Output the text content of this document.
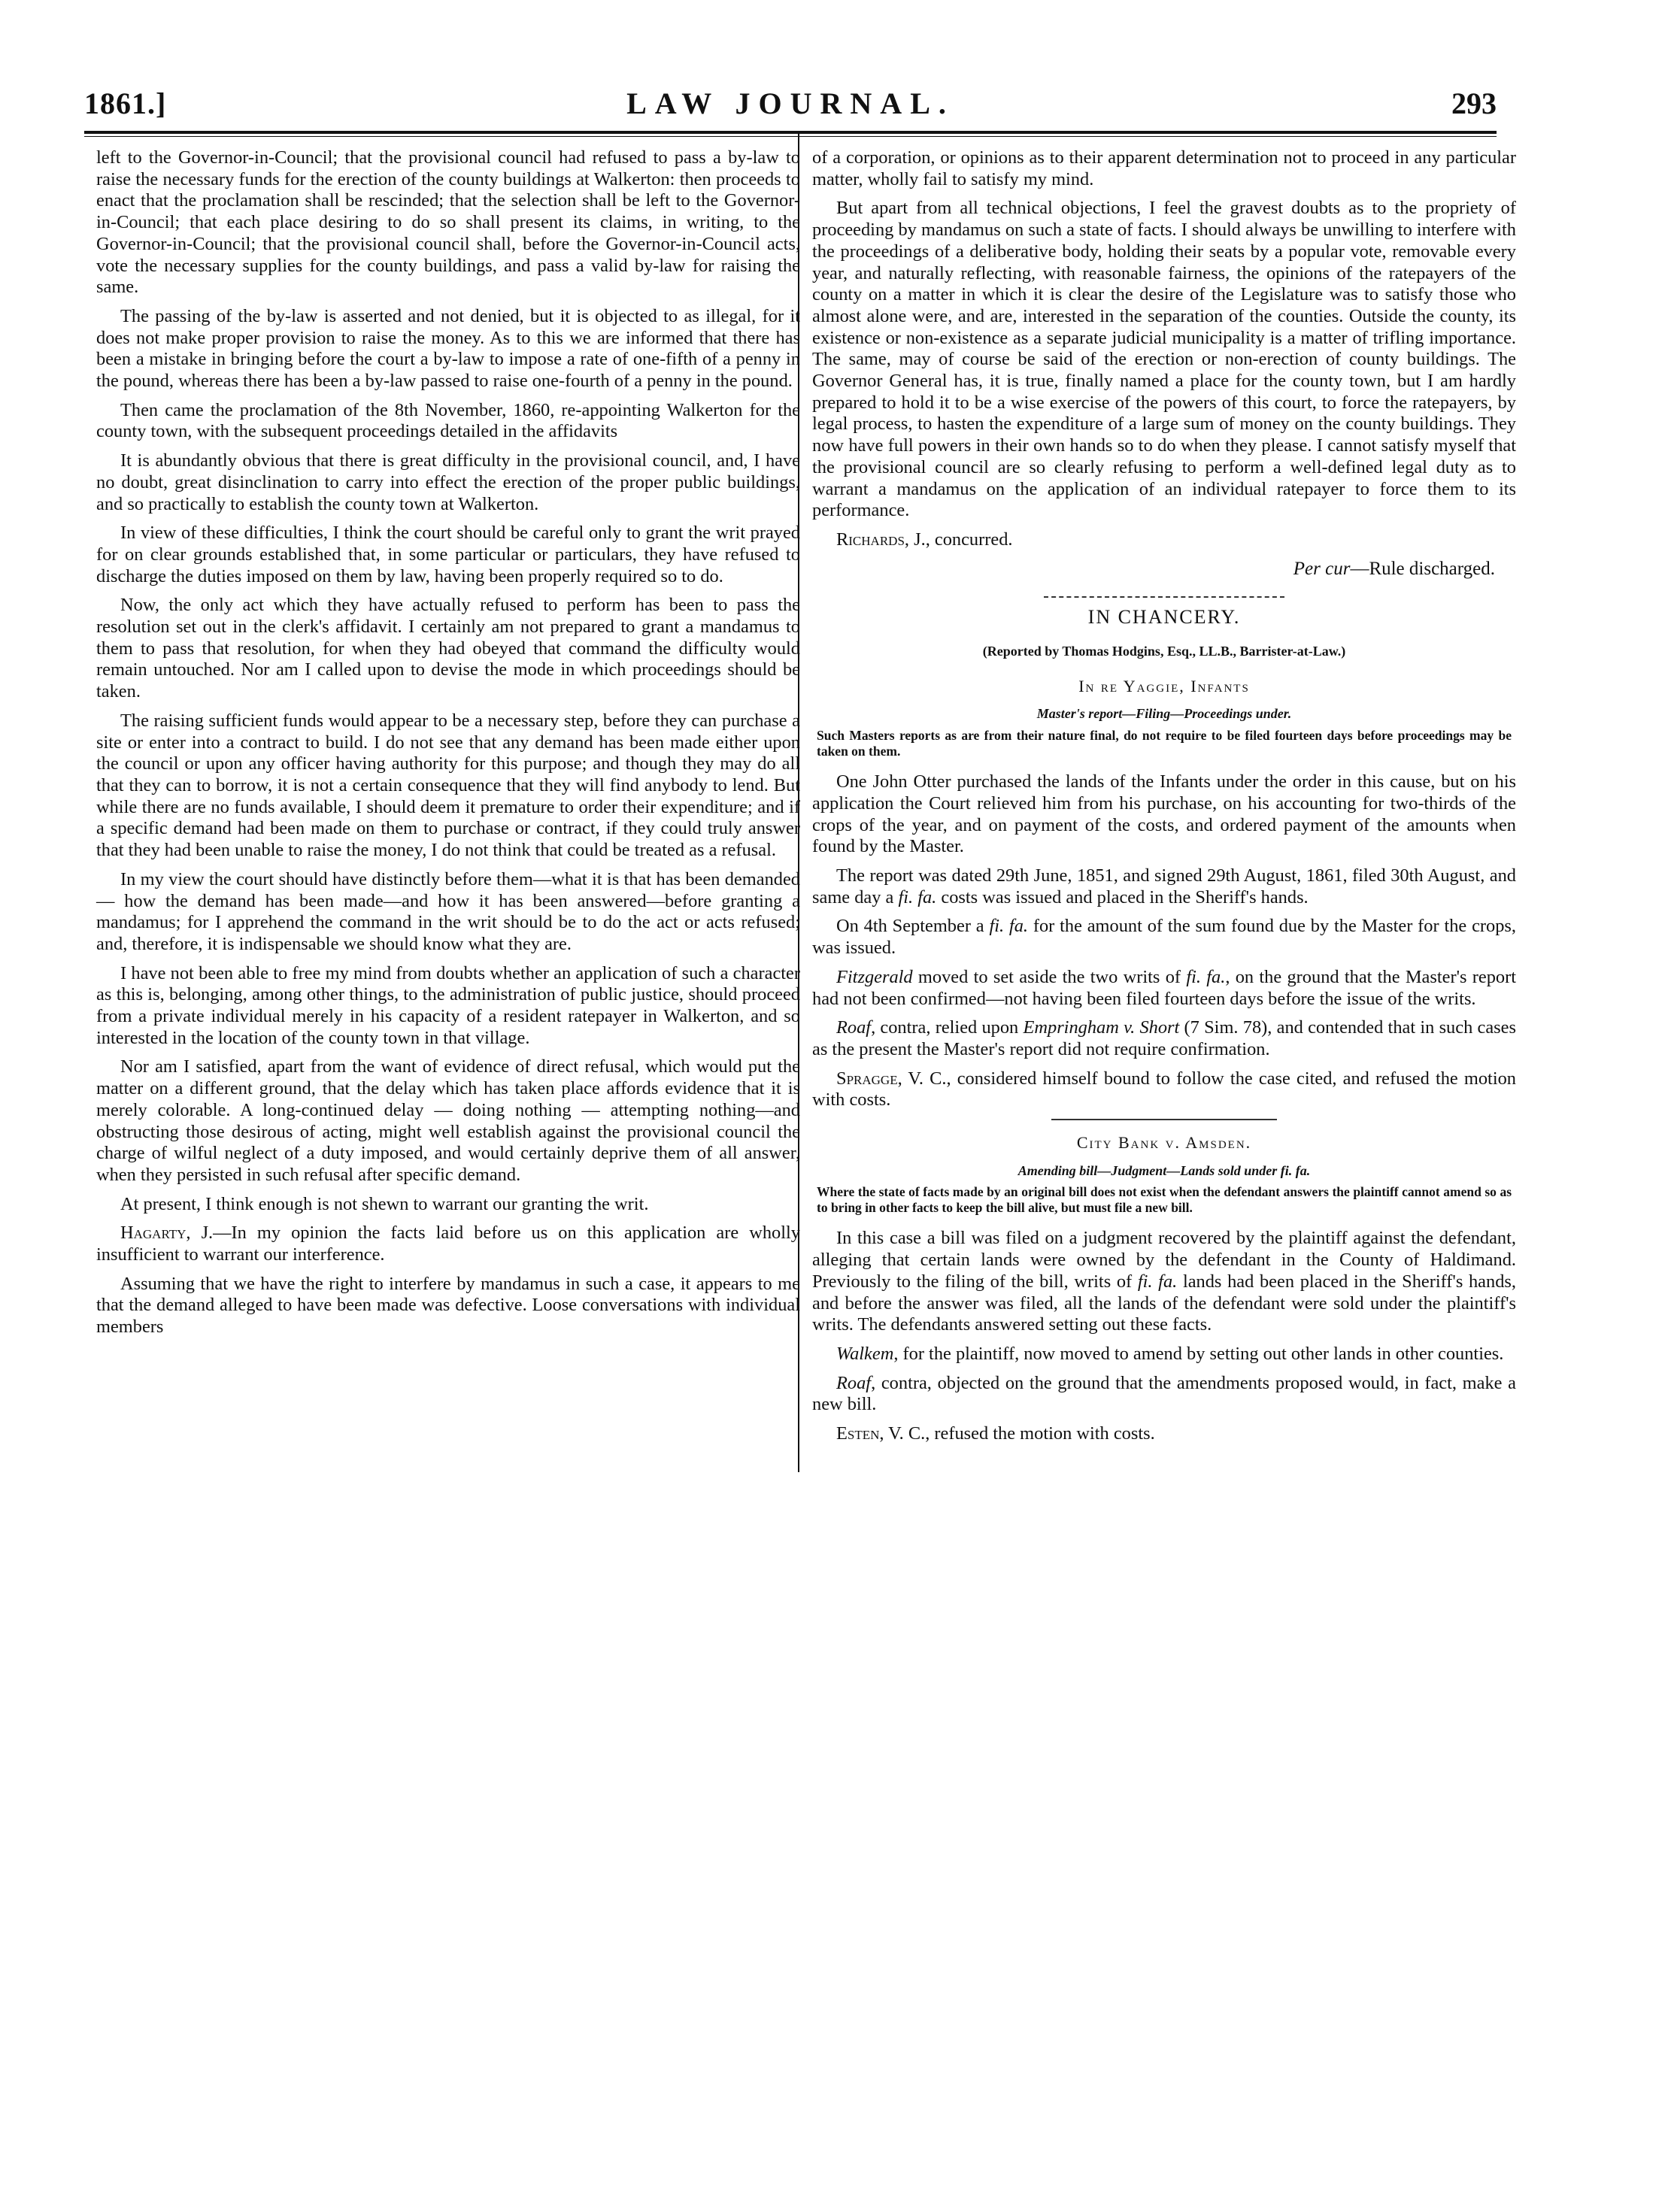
1861.]	LAW JOURNAL.	293

left to the Governor-in-Council; that the provisional council had refused to pass a by-law to raise the necessary funds for the erection of the county buildings at Walkerton: then proceeds to enact that the proclamation shall be rescinded; that the selection shall be left to the Governor-in-Council; that each place desiring to do so shall present its claims, in writing, to the Governor-in-Council; that the provisional council shall, before the Governor-in-Council acts, vote the necessary supplies for the county buildings, and pass a valid by-law for raising the same.

The passing of the by-law is asserted and not denied, but it is objected to as illegal, for it does not make proper provision to raise the money. As to this we are informed that there has been a mistake in bringing before the court a by-law to impose a rate of one-fifth of a penny in the pound, whereas there has been a by-law passed to raise one-fourth of a penny in the pound.

Then came the proclamation of the 8th November, 1860, re-appointing Walkerton for the county town, with the subsequent proceedings detailed in the affidavits

It is abundantly obvious that there is great difficulty in the provisional council, and, I have no doubt, great disinclination to carry into effect the erection of the proper public buildings, and so practically to establish the county town at Walkerton.

In view of these difficulties, I think the court should be careful only to grant the writ prayed for on clear grounds established that, in some particular or particulars, they have refused to discharge the duties imposed on them by law, having been properly required so to do.

Now, the only act which they have actually refused to perform has been to pass the resolution set out in the clerk's affidavit. I certainly am not prepared to grant a mandamus to them to pass that resolution, for when they had obeyed that command the difficulty would remain untouched. Nor am I called upon to devise the mode in which proceedings should be taken.

The raising sufficient funds would appear to be a necessary step, before they can purchase a site or enter into a contract to build. I do not see that any demand has been made either upon the council or upon any officer having authority for this purpose; and though they may do all that they can to borrow, it is not a certain consequence that they will find anybody to lend. But while there are no funds available, I should deem it premature to order their expenditure; and if a specific demand had been made on them to purchase or contract, if they could truly answer that they had been unable to raise the money, I do not think that could be treated as a refusal.

In my view the court should have distinctly before them—what it is that has been demanded — how the demand has been made—and how it has been answered—before granting a mandamus; for I apprehend the command in the writ should be to do the act or acts refused; and, therefore, it is indispensable we should know what they are.

I have not been able to free my mind from doubts whether an application of such a character as this is, belonging, among other things, to the administration of public justice, should proceed from a private individual merely in his capacity of a resident ratepayer in Walkerton, and so interested in the location of the county town in that village.

Nor am I satisfied, apart from the want of evidence of direct refusal, which would put the matter on a different ground, that the delay which has taken place affords evidence that it is merely colorable. A long-continued delay — doing nothing — attempting nothing—and obstructing those desirous of acting, might well establish against the provisional council the charge of wilful neglect of a duty imposed, and would certainly deprive them of all answer, when they persisted in such refusal after specific demand.

At present, I think enough is not shewn to warrant our granting the writ.

Hagarty, J.—In my opinion the facts laid before us on this application are wholly insufficient to warrant our interference.

Assuming that we have the right to interfere by mandamus in such a case, it appears to me that the demand alleged to have been made was defective. Loose conversations with individual members

of a corporation, or opinions as to their apparent determination not to proceed in any particular matter, wholly fail to satisfy my mind.

But apart from all technical objections, I feel the gravest doubts as to the propriety of proceeding by mandamus on such a state of facts. I should always be unwilling to interfere with the proceedings of a deliberative body, holding their seats by a popular vote, removable every year, and naturally reflecting, with reasonable fairness, the opinions of the ratepayers of the county on a matter in which it is clear the desire of the Legislature was to satisfy those who almost alone were, and are, interested in the separation of the counties. Outside the county, its existence or non-existence as a separate judicial municipality is a matter of trifling importance. The same, may of course be said of the erection or non-erection of county buildings. The Governor General has, it is true, finally named a place for the county town, but I am hardly prepared to hold it to be a wise exercise of the powers of this court, to force the ratepayers, by legal process, to hasten the expenditure of a large sum of money on the county buildings. They now have full powers in their own hands so to do when they please. I cannot satisfy myself that the provisional council are so clearly refusing to perform a well-defined legal duty as to warrant a mandamus on the application of an individual ratepayer to force them to its performance.

Richards, J., concurred.

Per cur—Rule discharged.
IN CHANCERY.
(Reported by Thomas Hodgins, Esq., LL.B., Barrister-at-Law.)
In re Yaggie, Infants
Master's report—Filing—Proceedings under.
Such Masters reports as are from their nature final, do not require to be filed fourteen days before proceedings may be taken on them.

One John Otter purchased the lands of the Infants under the order in this cause, but on his application the Court relieved him from his purchase, on his accounting for two-thirds of the crops of the year, and on payment of the costs, and ordered payment of the amounts when found by the Master.

The report was dated 29th June, 1851, and signed 29th August, 1861, filed 30th August, and same day a fi. fa. costs was issued and placed in the Sheriff's hands.

On 4th September a fi. fa. for the amount of the sum found due by the Master for the crops, was issued.

Fitzgerald moved to set aside the two writs of fi. fa., on the ground that the Master's report had not been confirmed—not having been filed fourteen days before the issue of the writs.

Roaf, contra, relied upon Empringham v. Short (7 Sim. 78), and contended that in such cases as the present the Master's report did not require confirmation.

Spragge, V. C., considered himself bound to follow the case cited, and refused the motion with costs.

City Bank v. Amsden.
Amending bill—Judgment—Lands sold under fi. fa.
Where the state of facts made by an original bill does not exist when the defendant answers the plaintiff cannot amend so as to bring in other facts to keep the bill alive, but must file a new bill.

In this case a bill was filed on a judgment recovered by the plaintiff against the defendant, alleging that certain lands were owned by the defendant in the County of Haldimand. Previously to the filing of the bill, writs of fi. fa. lands had been placed in the Sheriff's hands, and before the answer was filed, all the lands of the defendant were sold under the plaintiff's writs. The defendants answered setting out these facts.

Walkem, for the plaintiff, now moved to amend by setting out other lands in other counties.

Roaf, contra, objected on the ground that the amendments proposed would, in fact, make a new bill.

Esten, V. C., refused the motion with costs.
